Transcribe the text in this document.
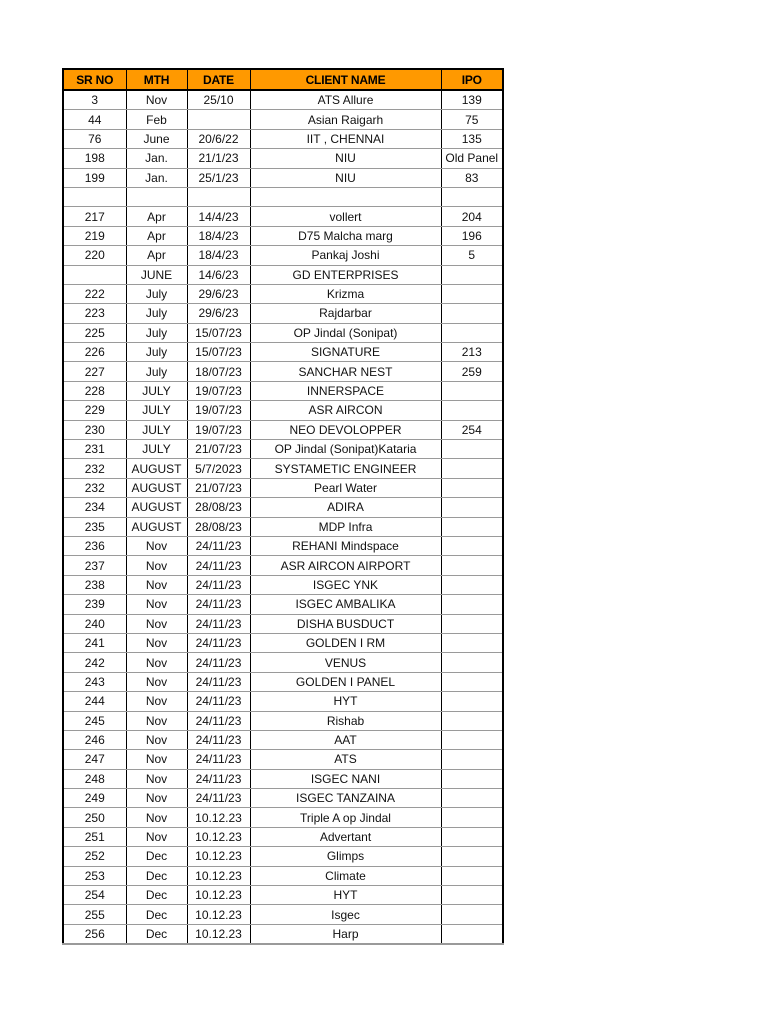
SR NO	MTH	DATE	CLIENT NAME	IPO
3	Nov	25/10	ATS Allure	139
44	Feb		Asian Raigarh	75
76	June	20/6/22	IIT , CHENNAI	135
198	Jan.	21/1/23	NIU	Old Panel
199	Jan.	25/1/23	NIU	83

217	Apr	14/4/23	vollert	204
219	Apr	18/4/23	D75 Malcha marg	196
220	Apr	18/4/23	Pankaj Joshi	5
	JUNE	14/6/23	GD ENTERPRISES	
222	July	29/6/23	Krizma	
223	July	29/6/23	Rajdarbar	
225	July	15/07/23	OP Jindal (Sonipat)	
226	July	15/07/23	SIGNATURE	213
227	July	18/07/23	SANCHAR NEST	259
228	JULY	19/07/23	INNERSPACE	
229	JULY	19/07/23	ASR AIRCON	
230	JULY	19/07/23	NEO DEVOLOPPER	254
231	JULY	21/07/23	OP Jindal (Sonipat)Kataria	
232	AUGUST	5/7/2023	SYSTAMETIC ENGINEER	
232	AUGUST	21/07/23	Pearl Water	
234	AUGUST	28/08/23	ADIRA	
235	AUGUST	28/08/23	MDP Infra	
236	Nov	24/11/23	REHANI Mindspace	
237	Nov	24/11/23	ASR AIRCON AIRPORT	
238	Nov	24/11/23	ISGEC YNK	
239	Nov	24/11/23	ISGEC AMBALIKA	
240	Nov	24/11/23	DISHA BUSDUCT	
241	Nov	24/11/23	GOLDEN I RM	
242	Nov	24/11/23	VENUS	
243	Nov	24/11/23	GOLDEN I PANEL	
244	Nov	24/11/23	HYT	
245	Nov	24/11/23	Rishab	
246	Nov	24/11/23	AAT	
247	Nov	24/11/23	ATS	
248	Nov	24/11/23	ISGEC NANI	
249	Nov	24/11/23	ISGEC TANZAINA	
250	Nov	10.12.23	Triple A op Jindal	
251	Nov	10.12.23	Advertant	
252	Dec	10.12.23	Glimps	
253	Dec	10.12.23	Climate	
254	Dec	10.12.23	HYT	
255	Dec	10.12.23	Isgec	
256	Dec	10.12.23	Harp	
